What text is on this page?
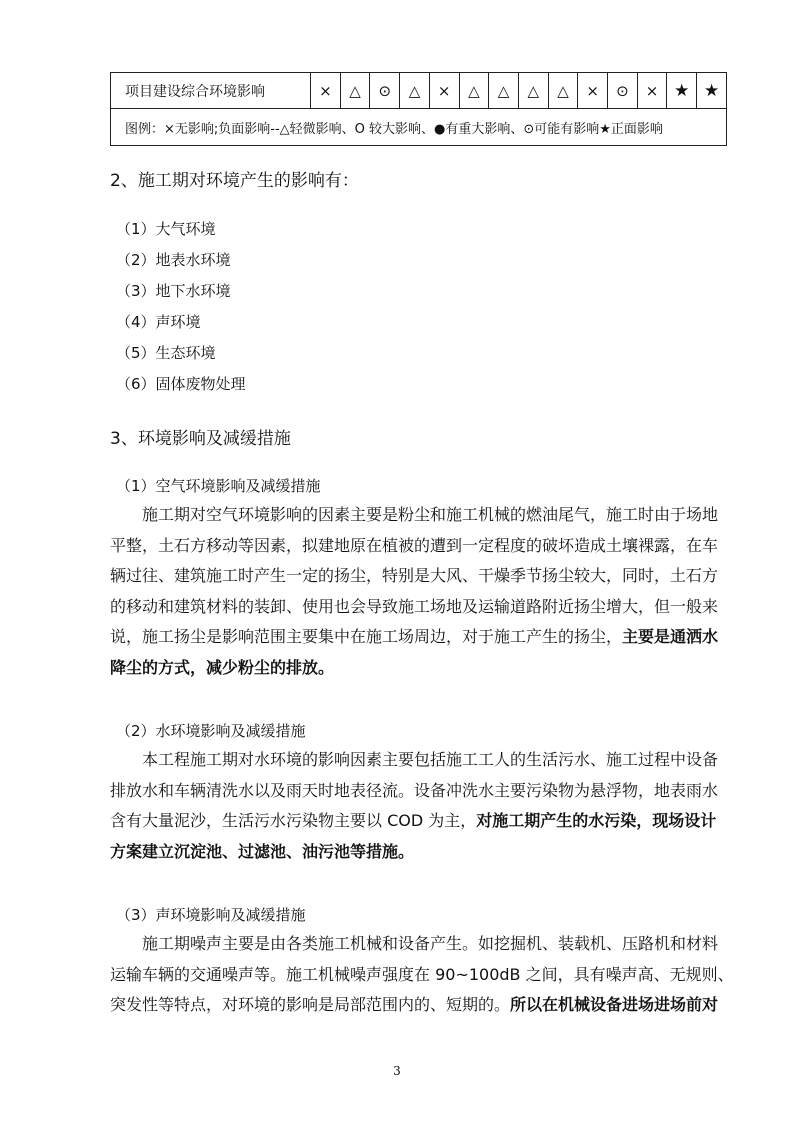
项目建设综合环境影响	×	△	⊙	△	×	△	△	△	△	×	⊙	×	★	★
图例：×无影响;负面影响--△轻微影响、O 较大影响、●有重大影响、⊙可能有影响★正面影响
2、施工期对环境产生的影响有：
（1）大气环境
（2）地表水环境
（3）地下水环境
（4）声环境
（5）生态环境
（6）固体废物处理
3、环境影响及减缓措施
（1）空气环境影响及减缓措施
施工期对空气环境影响的因素主要是粉尘和施工机械的燃油尾气，施工时由于场地
平整，土石方移动等因素，拟建地原在植被的遭到一定程度的破坏造成土壤裸露，在车
辆过往、建筑施工时产生一定的扬尘，特别是大风、干燥季节扬尘较大，同时，土石方
的移动和建筑材料的装卸、使用也会导致施工场地及运输道路附近扬尘增大，但一般来
说，施工扬尘是影响范围主要集中在施工场周边，对于施工产生的扬尘，主要是通洒水
降尘的方式，减少粉尘的排放。
（2）水环境影响及减缓措施
本工程施工期对水环境的影响因素主要包括施工工人的生活污水、施工过程中设备
排放水和车辆清洗水以及雨天时地表径流。设备冲洗水主要污染物为悬浮物，地表雨水
含有大量泥沙，生活污水污染物主要以 COD 为主，对施工期产生的水污染，现场设计
方案建立沉淀池、过滤池、油污池等措施。
（3）声环境影响及减缓措施
施工期噪声主要是由各类施工机械和设备产生。如挖掘机、装载机、压路机和材料
运输车辆的交通噪声等。施工机械噪声强度在 90~100dB 之间，具有噪声高、无规则、
突发性等特点，对环境的影响是局部范围内的、短期的。所以在机械设备进场进场前对
3
